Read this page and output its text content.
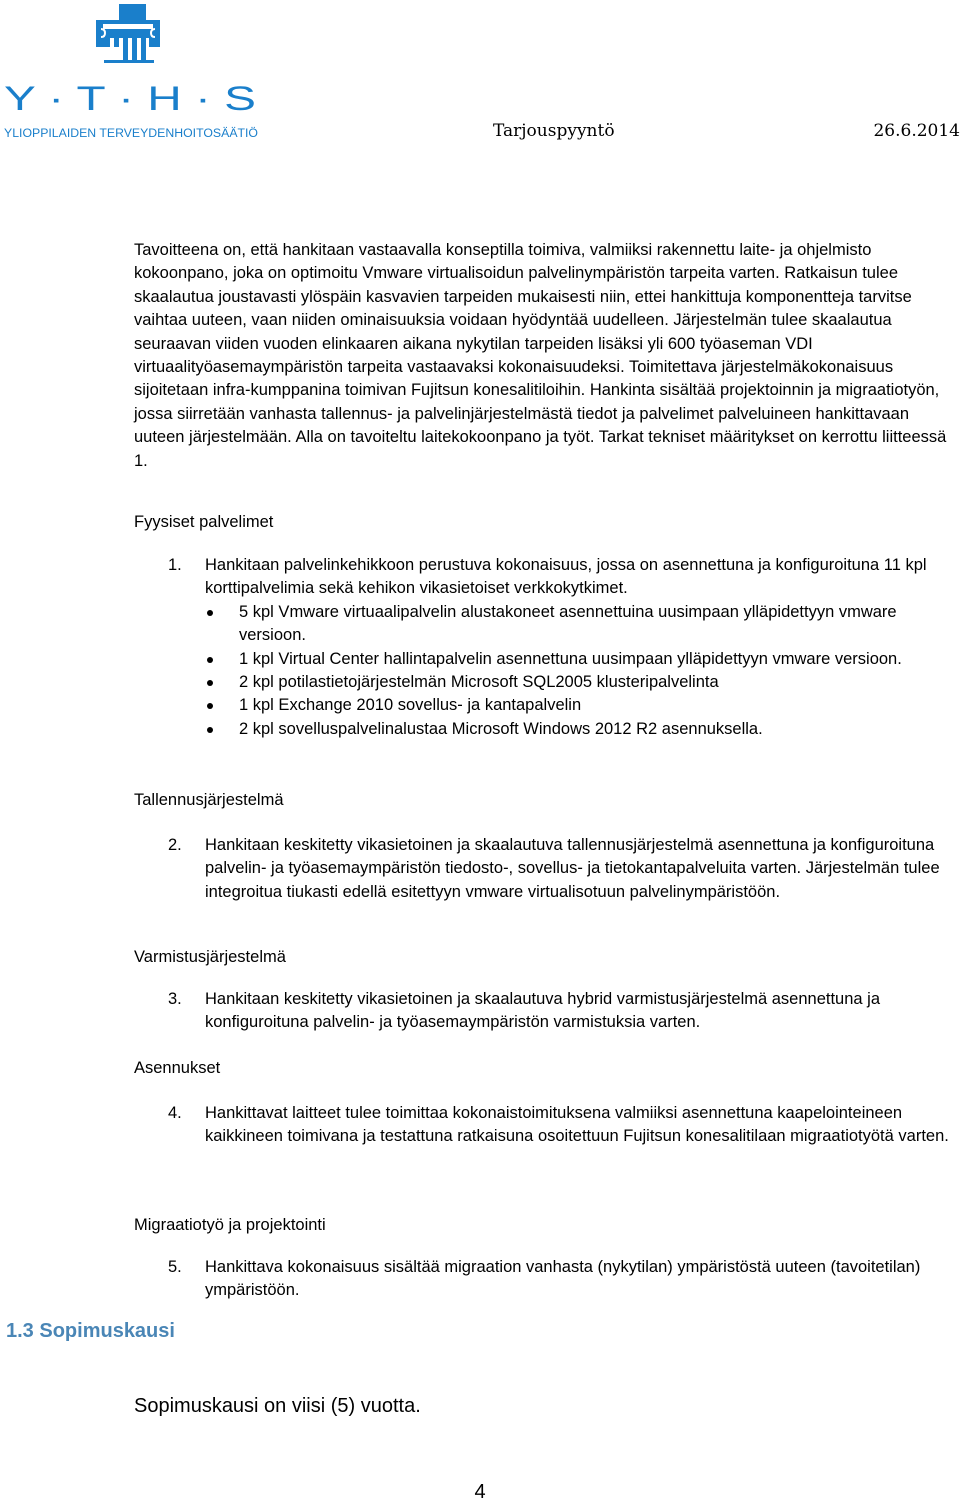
Y · T · H · S
YLIOPPILAIDEN TERVEYDENHOITOSÄÄTIÖ	Tarjouspyyntö	26.6.2014
Tavoitteena on, että hankitaan vastaavalla konseptilla toimiva, valmiiksi rakennettu laite- ja ohjelmisto kokoonpano, joka on optimoitu Vmware virtualisoidun palvelinympäristön tarpeita varten. Ratkaisun tulee skaalautua joustavasti ylöspäin kasvavien tarpeiden mukaisesti niin, ettei hankittuja komponentteja tarvitse vaihtaa uuteen, vaan niiden ominaisuuksia voidaan hyödyntää uudelleen. Järjestelmän tulee skaalautua seuraavan viiden vuoden elinkaaren aikana nykytilan tarpeiden lisäksi yli 600 työaseman VDI virtuaalityöasemaympäristön tarpeita vastaavaksi kokonaisuudeksi. Toimitettava järjestelmäkokonaisuus sijoitetaan infra-kumppanina toimivan Fujitsun konesalitiloihin. Hankinta sisältää projektoinnin ja migraatiotyön, jossa siirretään vanhasta tallennus- ja palvelinjärjestelmästä tiedot ja palvelimet palveluineen hankittavaan uuteen järjestelmään. Alla on tavoiteltu laitekokoonpano ja työt. Tarkat tekniset määritykset on kerrottu liitteessä 1.
Fyysiset palvelimet
1. Hankitaan palvelinkehikkoon perustuva kokonaisuus, jossa on asennettuna ja konfiguroituna 11 kpl korttipalvelimia sekä kehikon vikasietoiset verkkokytkimet.
5 kpl Vmware virtuaalipalvelin alustakoneet asennettuina uusimpaan ylläpidettyyn vmware versioon.
1 kpl Virtual Center hallintapalvelin asennettuna uusimpaan ylläpidettyyn vmware versioon.
2 kpl potilastietojärjestelmän Microsoft SQL2005 klusteripalvelinta
1 kpl Exchange 2010 sovellus- ja kantapalvelin
2 kpl sovelluspalvelinalustaa Microsoft Windows 2012 R2 asennuksella.
Tallennusjärjestelmä
2. Hankitaan keskitetty vikasietoinen ja skaalautuva tallennusjärjestelmä asennettuna ja konfiguroituna palvelin- ja työasemaympäristön tiedosto-, sovellus- ja tietokantapalveluita varten. Järjestelmän tulee integroitua tiukasti edellä esitettyyn vmware virtualisotuun palvelinympäristöön.
Varmistusjärjestelmä
3. Hankitaan keskitetty vikasietoinen ja skaalautuva hybrid varmistusjärjestelmä asennettuna ja konfiguroituna palvelin- ja työasemaympäristön varmistuksia varten.
Asennukset
4. Hankittavat laitteet tulee toimittaa kokonaistoimituksena valmiiksi asennettuna kaapelointeineen kaikkineen toimivana ja testattuna ratkaisuna osoitettuun Fujitsun konesalitilaan migraatiotyötä varten.
Migraatiotyö ja projektointi
5. Hankittava kokonaisuus sisältää migraation vanhasta (nykytilan) ympäristöstä uuteen (tavoitetilan) ympäristöön.
1.3 Sopimuskausi
Sopimuskausi on viisi (5) vuotta.
4
